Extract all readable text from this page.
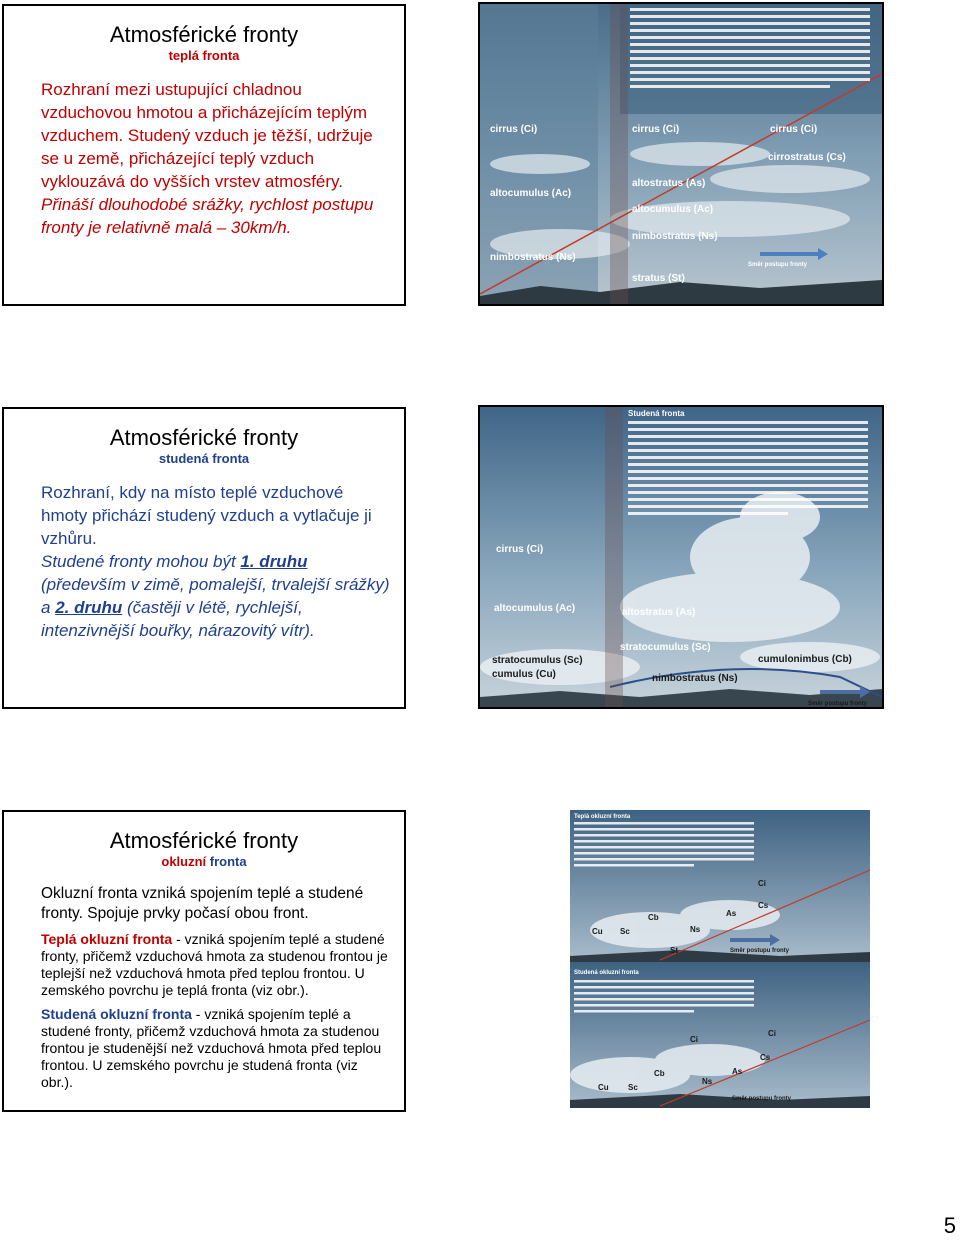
Atmosférické fronty
teplá fronta

Rozhraní mezi ustupující chladnou vzduchovou hmotou a přicházejícím teplým vzduchem. Studený vzduch je těžší, udržuje se u země, přicházející teplý vzduch vyklouzává do vyšších vrstev atmosféry.

Přináší dlouhodobé srážky, rychlost postupu fronty je relativně malá – 30km/h.

cirrus (Ci)
altocumulus (Ac)
nimbostratus (Ns)
cirrus (Ci)	cirrus (Ci)
cirrostratus (Cs)
altostratus (As)
altocumulus (Ac)
nimbostratus (Ns)
stratus (St)
Směr postupu fronty
Atmosférické fronty
studená fronta

Rozhraní, kdy na místo teplé vzduchové hmoty přichází studený vzduch a vytlačuje ji vzhůru.

Studené fronty mohou být 1. druhu (především v zimě, pomalejší, trvalejší srážky) a 2. druhu (častěji v létě, rychlejší, intenzivnější bouřky, nárazovitý vítr).

Studená fronta
cirrus (Ci)
altocumulus (Ac)
stratocumulus (Sc)
cumulus (Cu)
altostratus (As)
stratocumulus (Sc)
cumulonimbus (Cb)
nimbostratus (Ns)
Směr postupu fronty
Atmosférické fronty
okluzní fronta

Okluzní fronta vzniká spojením teplé a studené fronty. Spojuje prvky počasí obou front.

Teplá okluzní fronta - vzniká spojením teplé a studené fronty, přičemž vzduchová hmota za studenou frontou je teplejší než vzduchová hmota před teplou frontou. U zemského povrchu je teplá fronta (viz obr.).

Studená okluzní fronta - vzniká spojením teplé a studené fronty, přičemž vzduchová hmota za studenou frontou je studenější než vzduchová hmota před teplou frontou. U zemského povrchu je studená fronta (viz obr.).

Teplá okluzní fronta
Studená okluzní fronta
Ci
Cs
As
Cb
Ns
Sc
Cu
St	Směr postupu fronty
Ci
Ci
Cs
As
Cb
Ns
Cu Sc
Směr postupu fronty
5
